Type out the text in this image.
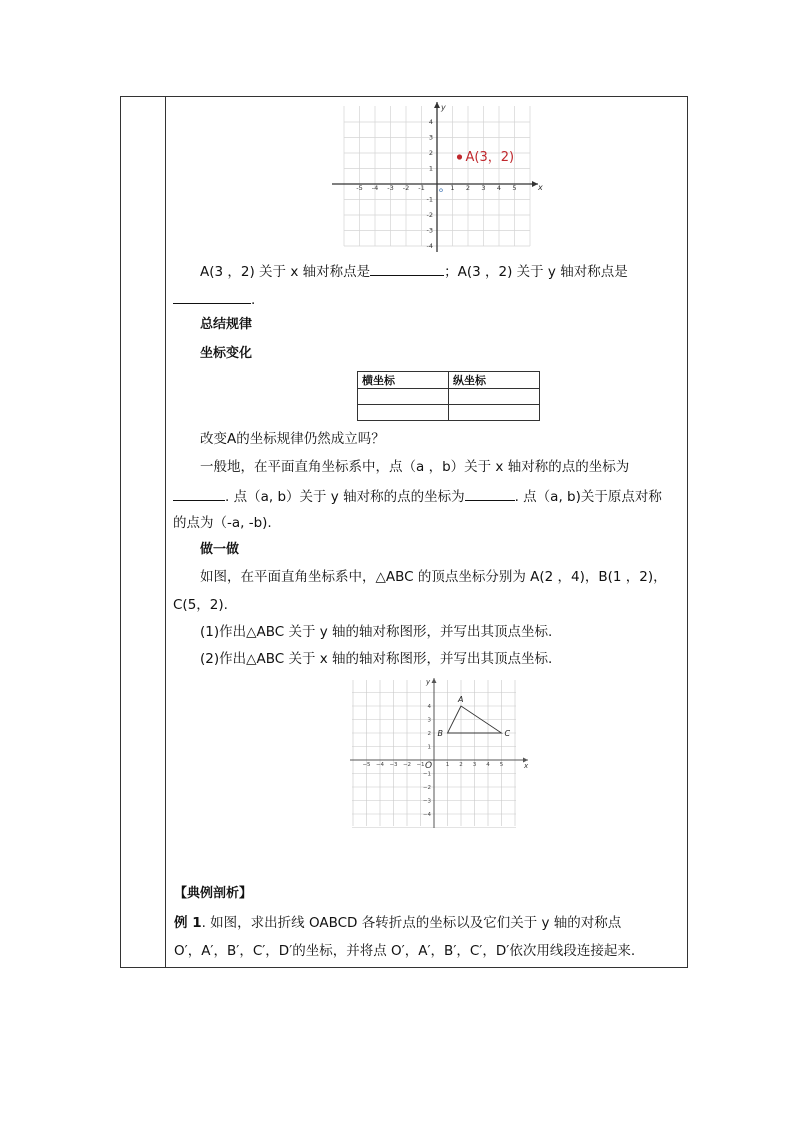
x
y
o
-5 -4 -3 -2 -1	1 2 3 4 5
4
3
2
1
-1
-2
-3
-4
A(3，2)
A(3 ，2) 关于 x 轴对称点是	；A(3 ，2) 关于 y 轴对称点是
.
总结规律
坐标变化
横坐标	纵坐标

改变A的坐标规律仍然成立吗？
一般地，在平面直角坐标系中，点（a ，b）关于 x 轴对称的点的坐标为
. 点（a, b）关于 y 轴对称的点的坐标为	. 点（a, b)关于原点对称
的点为（-a, -b).
做一做
如图，在平面直角坐标系中，△ABC 的顶点坐标分别为 A(2 ，4)，B(1 ，2)，
C(5，2).
(1)作出△ABC 关于 y 轴的轴对称图形，并写出其顶点坐标.
(2)作出△ABC 关于 x 轴的轴对称图形，并写出其顶点坐标.
x
y
O
−5 −4 −3 −2 −1	1 2 3 4 5
4
3
2
1
−1
−2
−3
−4
A
B	C
【典例剖析】
例 1. 如图，求出折线 OABCD 各转折点的坐标以及它们关于 y 轴的对称点
O′，A′，B′，C′，D′的坐标，并将点 O′，A′，B′，C′，D′依次用线段连接起来.
